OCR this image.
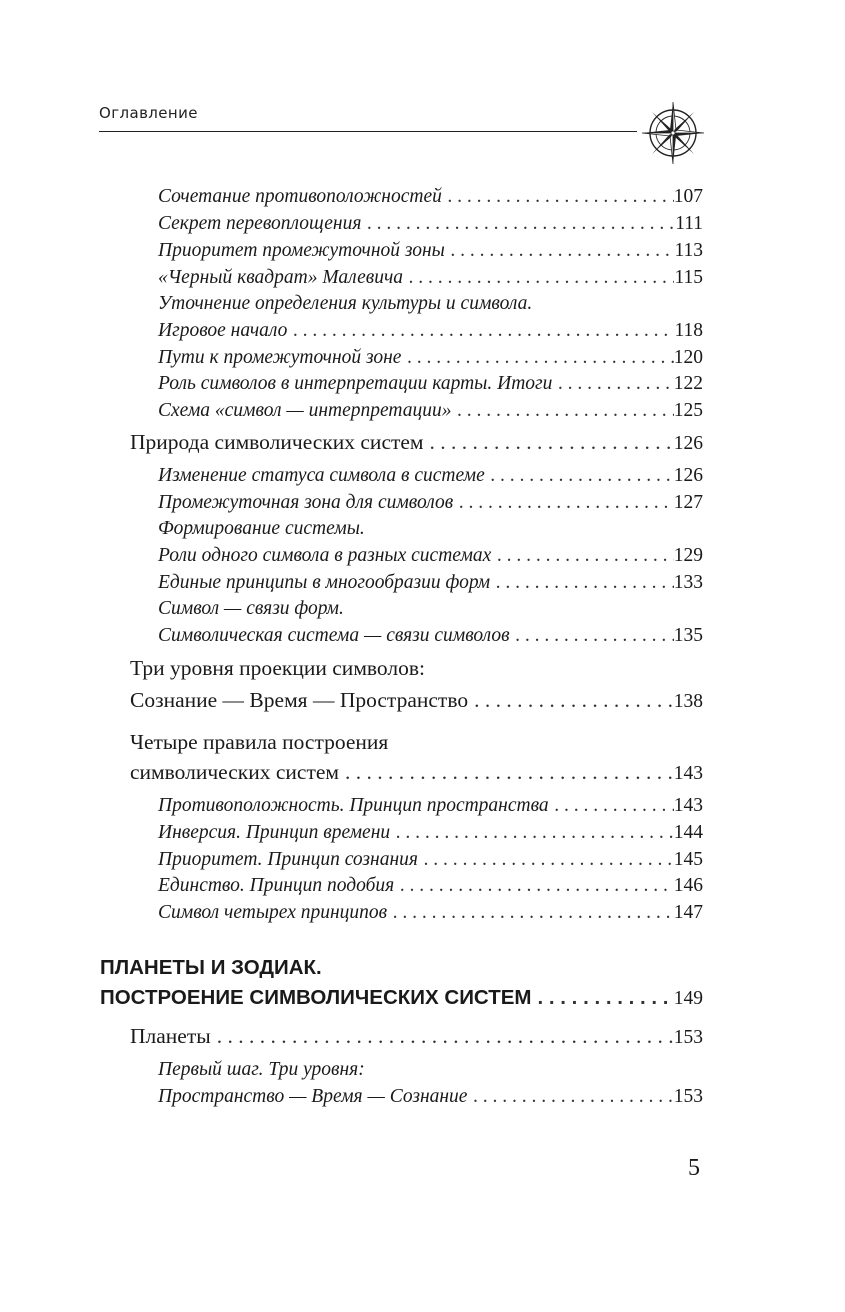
Оглавление
Сочетание противоположностей . . .	107
Секрет перевоплощения . . .	111
Приоритет промежуточной зоны . . .	113
«Черный квадрат» Малевича . . .	115
Уточнение определения культуры и символа.
Игровое начало . . .	118
Пути к промежуточной зоне . . .	120
Роль символов в интерпретации карты. Итоги . . .	122
Схема «символ — интерпретации» . . .	125
Природа символических систем . . .	126
Изменение статуса символа в системе . . .	126
Промежуточная зона для символов . . .	127
Формирование системы.
Роли одного символа в разных системах . . .	129
Единые принципы в многообразии форм . . .	133
Символ — связи форм.
Символическая система — связи символов . . .	135
Три уровня проекции символов:
Сознание — Время — Пространство . . .	138
Четыре правила построения
символических систем . . .	143
Противоположность. Принцип пространства . . .	143
Инверсия. Принцип времени . . .	144
Приоритет. Принцип сознания . . .	145
Единство. Принцип подобия . . .	146
Символ четырех принципов . . .	147
ПЛАНЕТЫ И ЗОДИАК.
ПОСТРОЕНИЕ СИМВОЛИЧЕСКИХ СИСТЕМ . . .	149
Планеты . . .	153
Первый шаг. Три уровня:
Пространство — Время — Сознание . . .	153
5
